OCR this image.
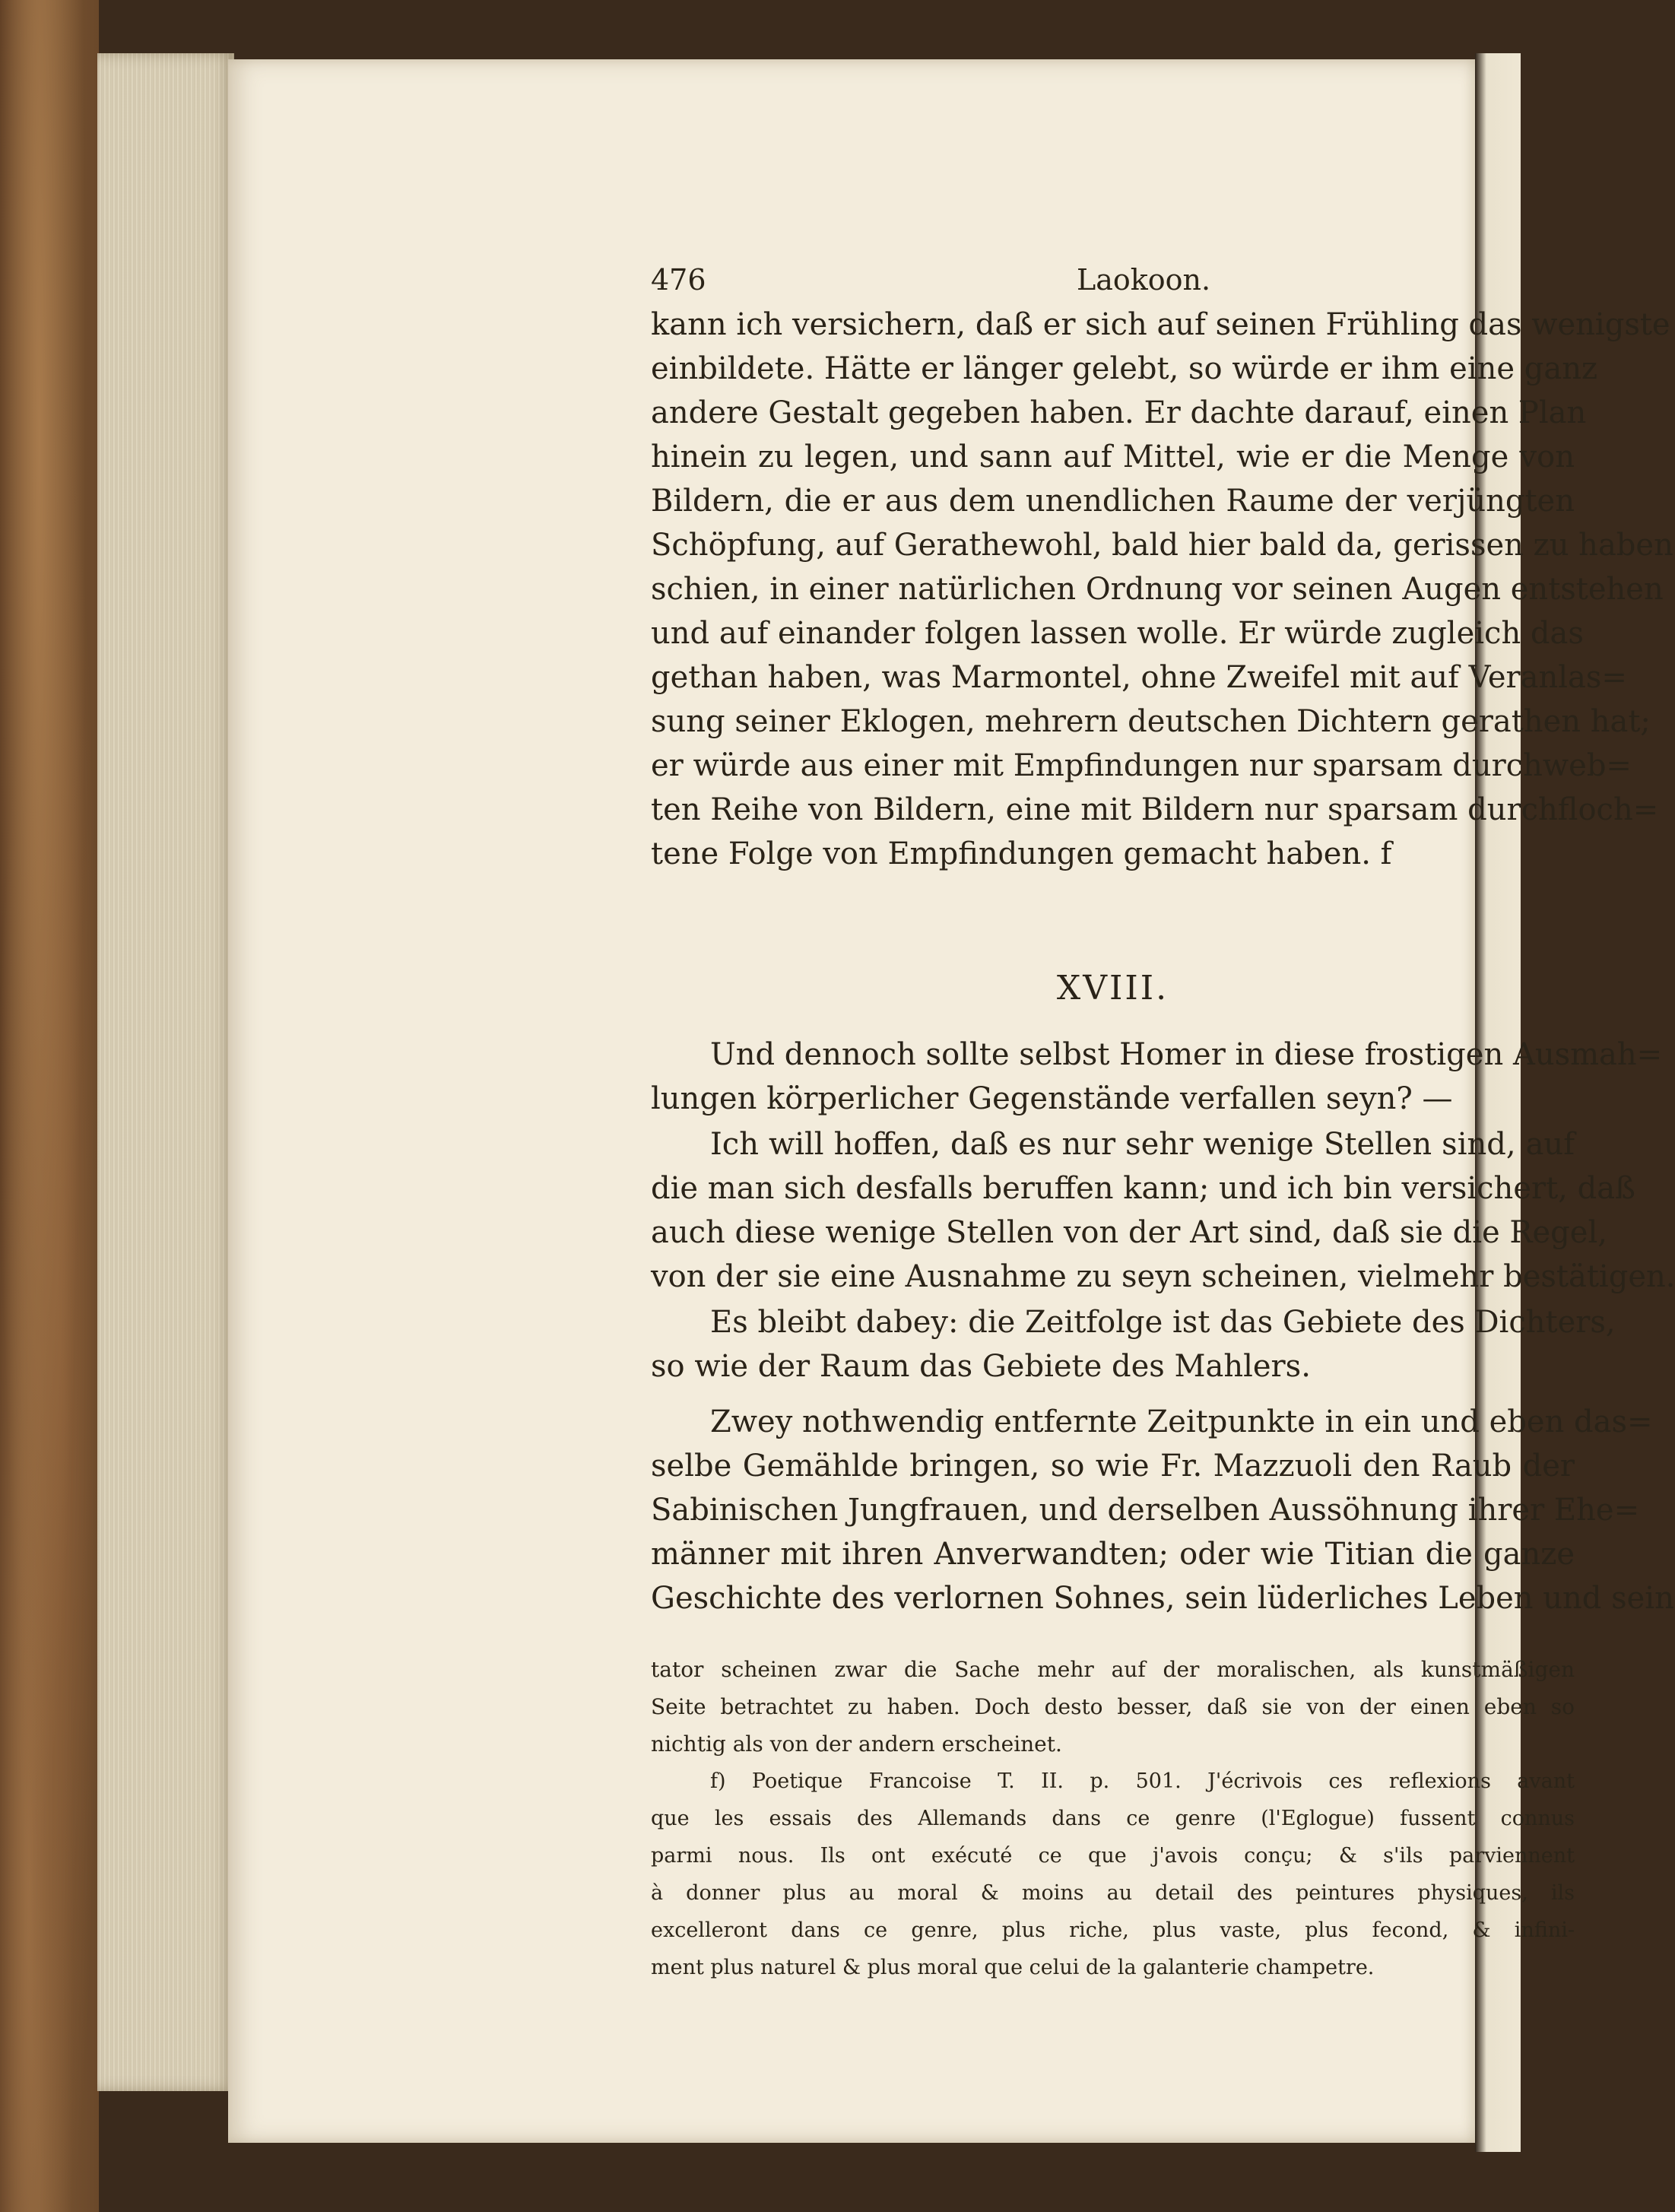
476	Laokoon.
kann ich versichern, daß er sich auf seinen Frühling das wenigste
einbildete. Hätte er länger gelebt, so würde er ihm eine ganz
andere Gestalt gegeben haben. Er dachte darauf, einen Plan
hinein zu legen, und sann auf Mittel, wie er die Menge von
Bildern, die er aus dem unendlichen Raume der verjüngten
Schöpfung, auf Gerathewohl, bald hier bald da, gerissen zu haben
schien, in einer natürlichen Ordnung vor seinen Augen entstehen
und auf einander folgen lassen wolle. Er würde zugleich das
gethan haben, was Marmontel, ohne Zweifel mit auf Veranlas=
sung seiner Eklogen, mehrern deutschen Dichtern gerathen hat;
er würde aus einer mit Empfindungen nur sparsam durchweb=
ten Reihe von Bildern, eine mit Bildern nur sparsam durchfloch=
tene Folge von Empfindungen gemacht haben. f
XVIII.
Und dennoch sollte selbst Homer in diese frostigen Ausmah=
lungen körperlicher Gegenstände verfallen seyn? —
Ich will hoffen, daß es nur sehr wenige Stellen sind, auf
die man sich desfalls beruffen kann; und ich bin versichert, daß
auch diese wenige Stellen von der Art sind, daß sie die Regel,
von der sie eine Ausnahme zu seyn scheinen, vielmehr bestätigen.
Es bleibt dabey: die Zeitfolge ist das Gebiete des Dichters,
so wie der Raum das Gebiete des Mahlers.
Zwey nothwendig entfernte Zeitpunkte in ein und eben das=
selbe Gemählde bringen, so wie Fr. Mazzuoli den Raub der
Sabinischen Jungfrauen, und derselben Aussöhnung ihrer Ehe=
männer mit ihren Anverwandten; oder wie Titian die ganze
Geschichte des verlornen Sohnes, sein lüderliches Leben und sein
tator scheinen zwar die Sache mehr auf der moralischen, als kunstmäßigen
Seite betrachtet zu haben. Doch desto besser, daß sie von der einen eben so
nichtig als von der andern erscheinet.
f) Poetique Francoise T. II. p. 501. J'écrivois ces reflexions avant
que les essais des Allemands dans ce genre (l'Eglogue) fussent connus
parmi nous. Ils ont exécuté ce que j'avois conçu; & s'ils parviennent
à donner plus au moral & moins au detail des peintures physiques, ils
excelleront dans ce genre, plus riche, plus vaste, plus fecond, & infini-
ment plus naturel & plus moral que celui de la galanterie champetre.
